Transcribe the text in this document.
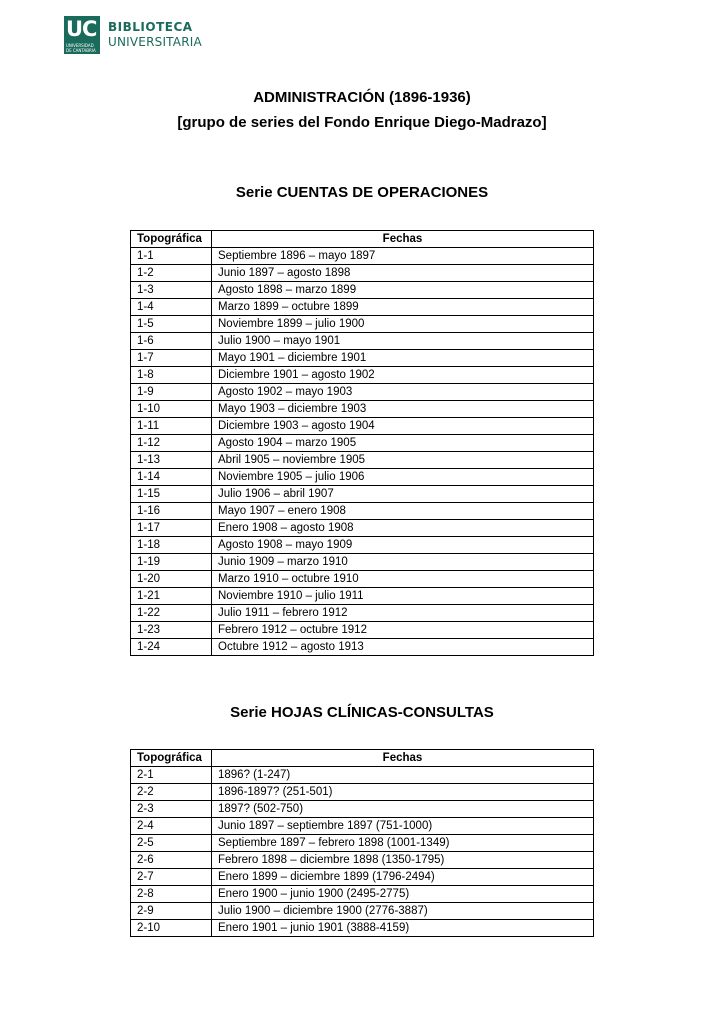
UC
UNIVERSIDAD DE CANTABRIA
BIBLIOTECA
UNIVERSITARIA
ADMINISTRACIÓN (1896-1936)
[grupo de series del Fondo Enrique Diego-Madrazo]
Serie CUENTAS DE OPERACIONES
Topográfica	Fechas
1-1	Septiembre 1896 – mayo 1897
1-2	Junio 1897 – agosto 1898
1-3	Agosto 1898 – marzo 1899
1-4	Marzo 1899 – octubre 1899
1-5	Noviembre 1899 – julio 1900
1-6	Julio 1900 – mayo 1901
1-7	Mayo 1901 – diciembre 1901
1-8	Diciembre 1901 – agosto 1902
1-9	Agosto 1902 – mayo 1903
1-10	Mayo 1903 – diciembre 1903
1-11	Diciembre 1903 – agosto 1904
1-12	Agosto 1904 – marzo 1905
1-13	Abril 1905 – noviembre 1905
1-14	Noviembre 1905 – julio 1906
1-15	Julio 1906 – abril 1907
1-16	Mayo 1907 – enero 1908
1-17	Enero 1908 – agosto 1908
1-18	Agosto 1908 – mayo 1909
1-19	Junio 1909 – marzo 1910
1-20	Marzo 1910 – octubre 1910
1-21	Noviembre 1910 – julio 1911
1-22	Julio 1911 – febrero 1912
1-23	Febrero 1912 – octubre 1912
1-24	Octubre 1912 – agosto 1913
Serie HOJAS CLÍNICAS-CONSULTAS
Topográfica	Fechas
2-1	1896? (1-247)
2-2	1896-1897? (251-501)
2-3	1897? (502-750)
2-4	Junio 1897 – septiembre 1897 (751-1000)
2-5	Septiembre 1897 – febrero 1898 (1001-1349)
2-6	Febrero 1898 – diciembre 1898 (1350-1795)
2-7	Enero 1899 – diciembre 1899 (1796-2494)
2-8	Enero 1900 – junio 1900 (2495-2775)
2-9	Julio 1900 – diciembre 1900 (2776-3887)
2-10	Enero 1901 – junio 1901 (3888-4159)
